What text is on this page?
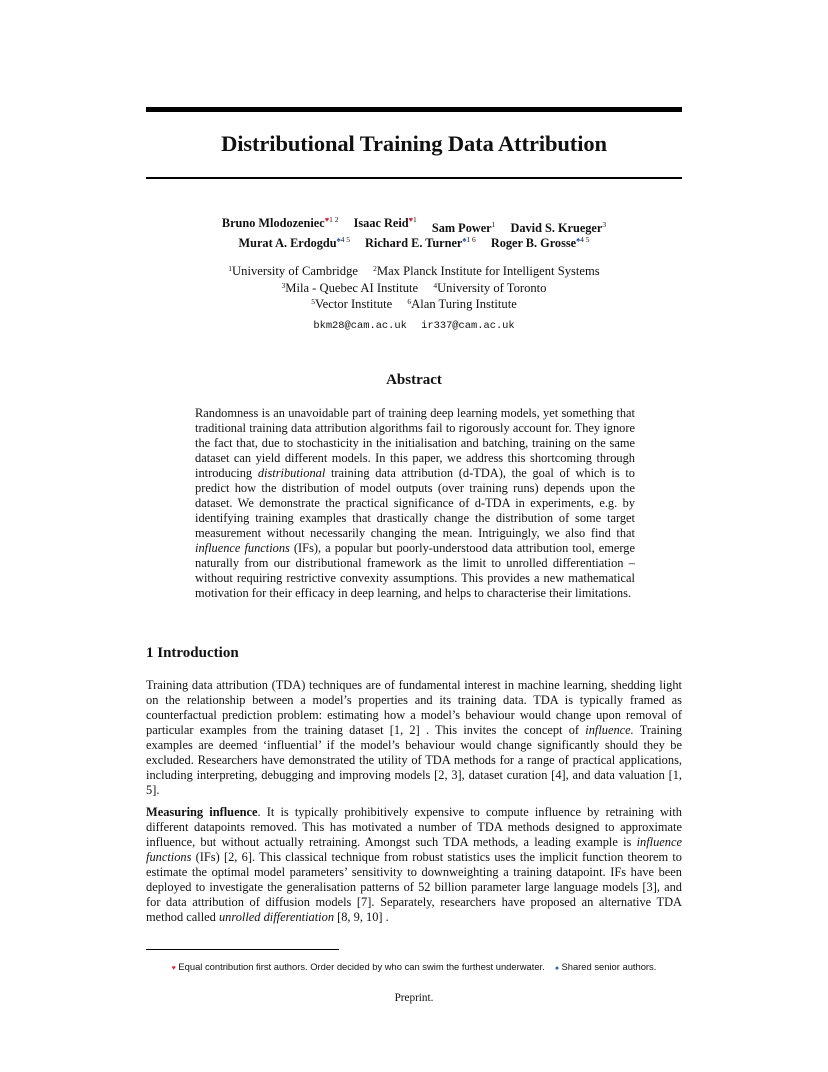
Distributional Training Data Attribution
Bruno Mlodozeniec$^{♥1 2}$ Isaac Reid$^{♥1}$ Sam Power$^1$ David S. Krueger$^3$
Murat A. Erdogdu$^{♠4 5}$ Richard E. Turner$^{♠1 6}$ Roger B. Grosse$^{♠4 5}$
$^1$University of Cambridge $^2$Max Planck Institute for Intelligent Systems
$^3$Mila - Quebec AI Institute $^4$University of Toronto
$^5$Vector Institute $^6$Alan Turing Institute
bkm28@cam.ac.uk ir337@cam.ac.uk
Abstract
Randomness is an unavoidable part of training deep learning models, yet something that traditional training data attribution algorithms fail to rigorously account for. They ignore the fact that, due to stochasticity in the initialisation and batching, training on the same dataset can yield different models. In this paper, we address this shortcoming through introducing distributional training data attribution (d-TDA), the goal of which is to predict how the distribution of model outputs (over training runs) depends upon the dataset. We demonstrate the practical significance of d-TDA in experiments, e.g. by identifying training examples that drastically change the distribution of some target measurement without necessarily changing the mean. Intriguingly, we also find that influence functions (IFs), a popular but poorly-understood data attribution tool, emerge naturally from our distributional framework as the limit to unrolled differentiation – without requiring restrictive convexity assumptions. This provides a new mathematical motivation for their efficacy in deep learning, and helps to characterise their limitations.
1 Introduction
Training data attribution (TDA) techniques are of fundamental interest in machine learning, shedding light on the relationship between a model’s properties and its training data. TDA is typically framed as counterfactual prediction problem: estimating how a model’s behaviour would change upon removal of particular examples from the training dataset [1, 2] . This invites the concept of influence. Training examples are deemed ‘influential’ if the model’s behaviour would change significantly should they be excluded. Researchers have demonstrated the utility of TDA methods for a range of practical applications, including interpreting, debugging and improving models [2, 3], dataset curation [4], and data valuation [1, 5].
Measuring influence. It is typically prohibitively expensive to compute influence by retraining with different datapoints removed. This has motivated a number of TDA methods designed to approximate influence, but without actually retraining. Amongst such TDA methods, a leading example is influence functions (IFs) [2, 6]. This classical technique from robust statistics uses the implicit function theorem to estimate the optimal model parameters’ sensitivity to downweighting a training datapoint. IFs have been deployed to investigate the generalisation patterns of 52 billion parameter large language models [3], and for data attribution of diffusion models [7]. Separately, researchers have proposed an alternative TDA method called unrolled differentiation [8, 9, 10] .
♥ Equal contribution first authors. Order decided by who can swim the furthest underwater. ♠ Shared senior authors.
Preprint.
